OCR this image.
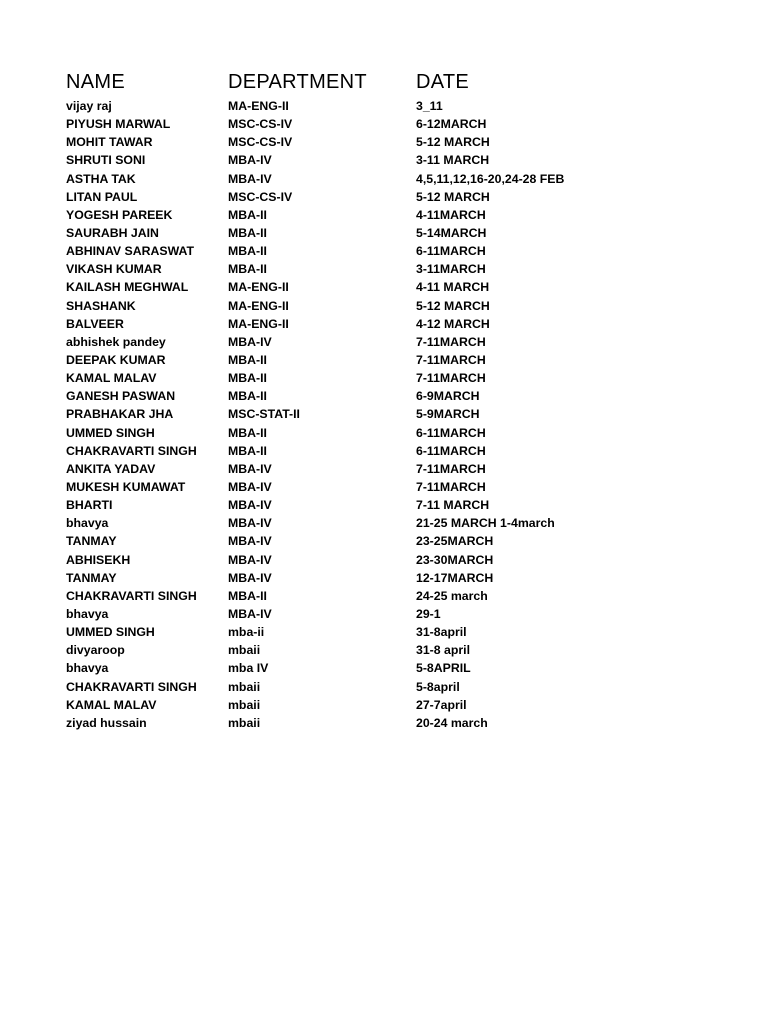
NAME	DEPARTMENT DATE
vijay raj	MA-ENG-II	3_11
PIYUSH MARWAL	MSC-CS-IV	6-12MARCH
MOHIT TAWAR	MSC-CS-IV	5-12 MARCH
SHRUTI SONI	MBA-IV	3-11 MARCH
ASTHA TAK	MBA-IV	4,5,11,12,16-20,24-28 FEB
LITAN PAUL	MSC-CS-IV	5-12 MARCH
YOGESH PAREEK	MBA-II	4-11MARCH
SAURABH JAIN	MBA-II	5-14MARCH
ABHINAV SARASWAT	MBA-II	6-11MARCH
VIKASH KUMAR	MBA-II	3-11MARCH
KAILASH MEGHWAL	MA-ENG-II	4-11 MARCH
SHASHANK	MA-ENG-II	5-12 MARCH
BALVEER	MA-ENG-II	4-12 MARCH
abhishek pandey	MBA-IV	7-11MARCH
DEEPAK KUMAR	MBA-II	7-11MARCH
KAMAL MALAV	MBA-II	7-11MARCH
GANESH PASWAN	MBA-II	6-9MARCH
PRABHAKAR JHA	MSC-STAT-II	5-9MARCH
UMMED SINGH	MBA-II	6-11MARCH
CHAKRAVARTI SINGH	MBA-II	6-11MARCH
ANKITA YADAV	MBA-IV	7-11MARCH
MUKESH KUMAWAT	MBA-IV	7-11MARCH
BHARTI	MBA-IV	7-11 MARCH
bhavya	MBA-IV	21-25 MARCH 1-4march
TANMAY	MBA-IV	23-25MARCH
ABHISEKH	MBA-IV	23-30MARCH
TANMAY	MBA-IV	12-17MARCH
CHAKRAVARTI SINGH	MBA-II	24-25 march
bhavya	MBA-IV	29-1
UMMED SINGH	mba-ii	31-8april
divyaroop	mbaii	31-8 april
bhavya	mba IV	5-8APRIL
CHAKRAVARTI SINGH	mbaii	5-8april
KAMAL MALAV	mbaii	27-7april
ziyad hussain	mbaii	20-24 march
